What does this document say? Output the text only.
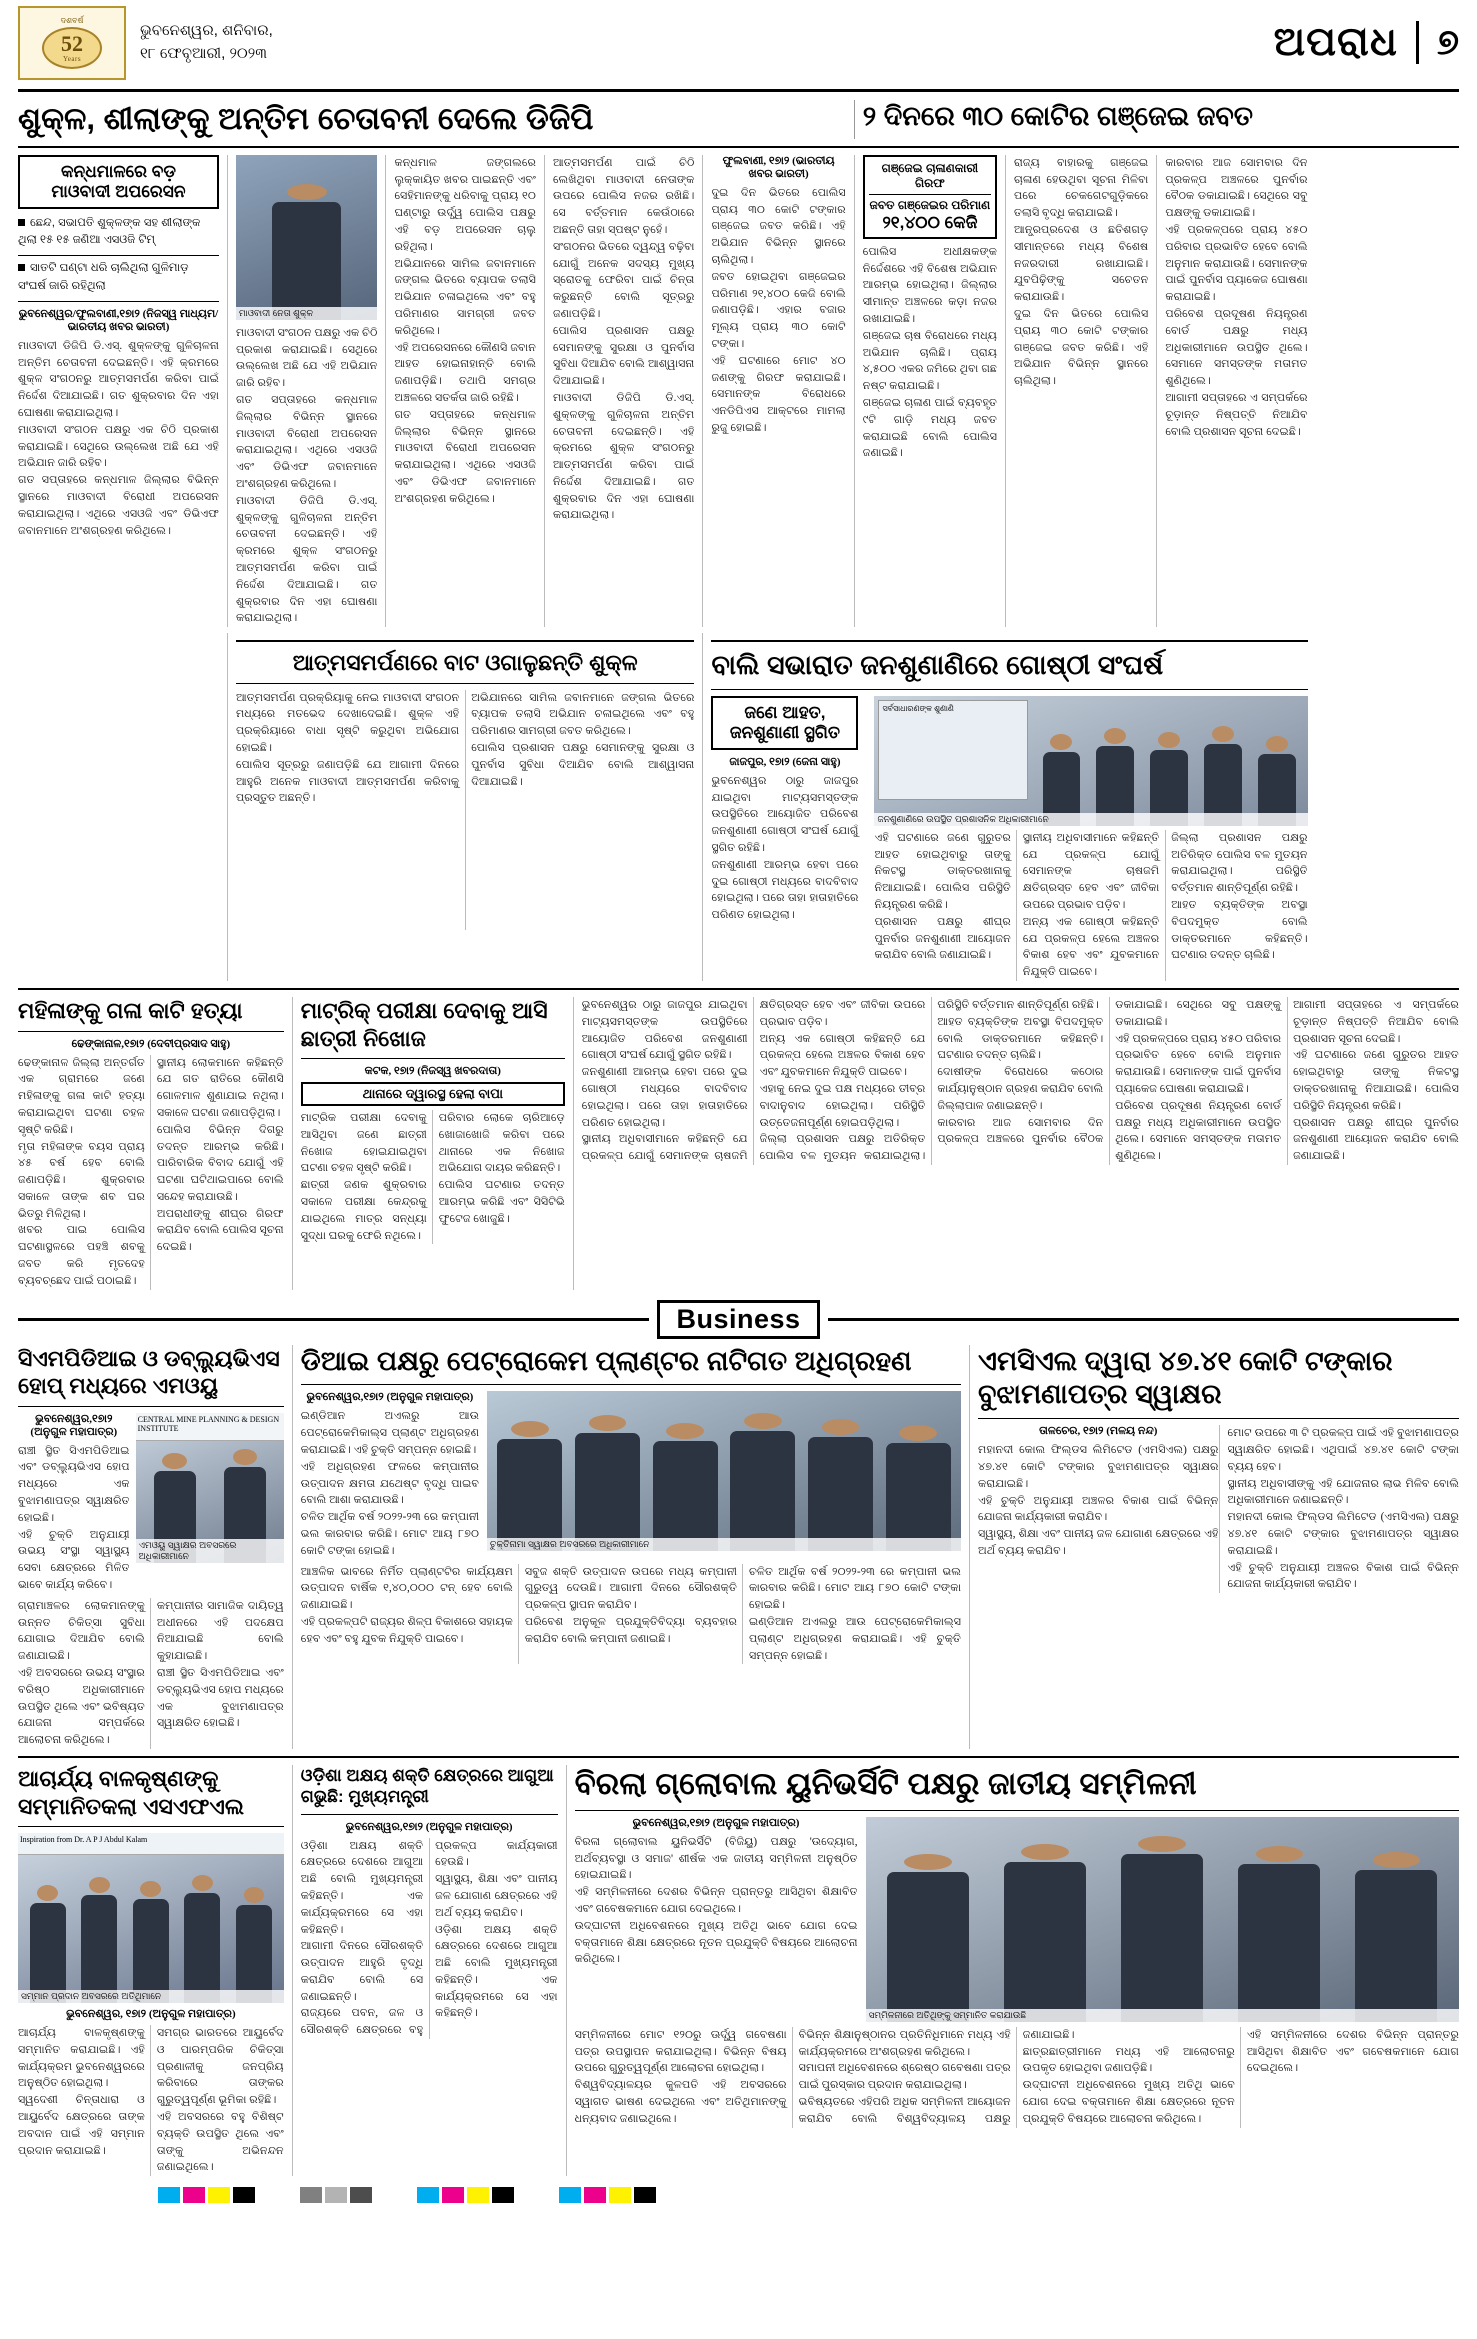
ଦଶବର୍ଷ
52
Years
ଭୁବନେଶ୍ୱର, ଶନିବାର,
୧୮ ଫେବୃଆରୀ, ୨୦୨୩	ଅପରାଧ	୭
ଶୁକ୍ଳ, ଶୀଲାଙ୍କୁ ଅନ୍ତିମ ଚେତାବନୀ ଦେଲେ ଡିଜିପି	୨ ଦିନରେ ୩୦ କୋଟିର ଗଞ୍ଜେଇ ଜବତ
କନ୍ଧମାଳରେ ବଡ଼
ମାଓବାଦୀ ଅପରେସନ
ଛେନ୍ଦ, ସଭାପତି ଶୁକ୍ଳଙ୍କ ସହ ଶୀଲାଙ୍କ ଥିଲା ୧୫ ୧୫ ଜଣିଆ ଏସଓଜି ଟିମ୍
ସାତଟି ଘଣ୍ଟା ଧରି ଚାଲିଥିଲା ଗୁଳିମାଡ଼ ସଂଘର୍ଷ ଜାରି ରହିଥିଲା
ଭୁବନେଶ୍ୱର/ଫୁଲବାଣୀ,୧୭ା୨ (ନିଜସ୍ୱ ମାଧ୍ୟମ/ଭାରତୀୟ ଖବର ଭାରତୀ)
ମାଓବାଦୀ ଡିଜିପି ଡି.ଏସ୍. ଶୁକ୍ଳଙ୍କୁ ଗୁଳିଚାଳନା ଅନ୍ତିମ ଚେତାବନୀ ଦେଇଛନ୍ତି। ଏହି କ୍ରମରେ ଶୁକ୍ଳ ସଂଗଠନରୁ ଆତ୍ମସମର୍ପଣ କରିବା ପାଇଁ ନିର୍ଦ୍ଦେଶ ଦିଆଯାଇଛି। ଗତ ଶୁକ୍ରବାର ଦିନ ଏହା ଘୋଷଣା କରାଯାଇଥିଲା।
ମାଓବାଦୀ ସଂଗଠନ ପକ୍ଷରୁ ଏକ ଚିଠି ପ୍ରକାଶ କରାଯାଇଛି। ସେଥିରେ ଉଲ୍ଲେଖ ଅଛି ଯେ ଏହି ଅଭିଯାନ ଜାରି ରହିବ।
ଗତ ସପ୍ତାହରେ କନ୍ଧମାଳ ଜିଲ୍ଲାର ବିଭିନ୍ନ ସ୍ଥାନରେ ମାଓବାଦୀ ବିରୋଧୀ ଅପରେସନ କରାଯାଇଥିଲା। ଏଥିରେ ଏସଓଜି ଏବଂ ଡିଭିଏଫ ଜବାନମାନେ ଅଂଶଗ୍ରହଣ କରିଥିଲେ।
ମାଓବାଦୀ ନେତା ଶୁକ୍ଳ
ମାଓବାଦୀ ସଂଗଠନ ପକ୍ଷରୁ ଏକ ଚିଠି ପ୍ରକାଶ କରାଯାଇଛି। ସେଥିରେ ଉଲ୍ଲେଖ ଅଛି ଯେ ଏହି ଅଭିଯାନ ଜାରି ରହିବ।
ଗତ ସପ୍ତାହରେ କନ୍ଧମାଳ ଜିଲ୍ଲାର ବିଭିନ୍ନ ସ୍ଥାନରେ ମାଓବାଦୀ ବିରୋଧୀ ଅପରେସନ କରାଯାଇଥିଲା। ଏଥିରେ ଏସଓଜି ଏବଂ ଡିଭିଏଫ ଜବାନମାନେ ଅଂଶଗ୍ରହଣ କରିଥିଲେ।
ମାଓବାଦୀ ଡିଜିପି ଡି.ଏସ୍. ଶୁକ୍ଳଙ୍କୁ ଗୁଳିଚାଳନା ଅନ୍ତିମ ଚେତାବନୀ ଦେଇଛନ୍ତି। ଏହି କ୍ରମରେ ଶୁକ୍ଳ ସଂଗଠନରୁ ଆତ୍ମସମର୍ପଣ କରିବା ପାଇଁ ନିର୍ଦ୍ଦେଶ ଦିଆଯାଇଛି। ଗତ ଶୁକ୍ରବାର ଦିନ ଏହା ଘୋଷଣା କରାଯାଇଥିଲା।
କନ୍ଧମାଳ ଜଙ୍ଗଲରେ ଲୁକ୍କାୟିତ ଖବର ପାଇଛନ୍ତି ଏବଂ ସେହିମାନଙ୍କୁ ଧରିବାକୁ ପ୍ରାୟ ୧୦ ଘଣ୍ଟାରୁ ଉର୍ଦ୍ଧ୍ୱ ପୋଲିସ ପକ୍ଷରୁ ଏହି ବଡ଼ ଅପରେସନ ଚାଲୁ ରହିଥିଲା।
ଅଭିଯାନରେ ସାମିଲ ଜବାନମାନେ ଜଙ୍ଗଲ ଭିତରେ ବ୍ୟାପକ ତଲାସି ଅଭିଯାନ ଚଳାଇଥିଲେ ଏବଂ ବହୁ ପରିମାଣର ସାମଗ୍ରୀ ଜବତ କରିଥିଲେ।
ଏହି ଅପରେସନରେ କୌଣସି ଜବାନ ଆହତ ହୋଇନାହାନ୍ତି ବୋଲି ଜଣାପଡ଼ିଛି। ତଥାପି ସମଗ୍ର ଅଞ୍ଚଳରେ ସତର୍କତା ଜାରି ରହିଛି।
ଗତ ସପ୍ତାହରେ କନ୍ଧମାଳ ଜିଲ୍ଲାର ବିଭିନ୍ନ ସ୍ଥାନରେ ମାଓବାଦୀ ବିରୋଧୀ ଅପରେସନ କରାଯାଇଥିଲା। ଏଥିରେ ଏସଓଜି ଏବଂ ଡିଭିଏଫ ଜବାନମାନେ ଅଂଶଗ୍ରହଣ କରିଥିଲେ।
ଆତ୍ମସମର୍ପଣ ପାଇଁ ଚିଠି ଲେଖିଥିବା ମାଓବାଦୀ ନେତାଙ୍କ ଉପରେ ପୋଲିସ ନଜର ରଖିଛି। ସେ ବର୍ତ୍ତମାନ କେଉଁଠାରେ ଅଛନ୍ତି ତାହା ସ୍ପଷ୍ଟ ନୁହେଁ।
ସଂଗଠନର ଭିତରେ ଦ୍ୱନ୍ଦ୍ୱ ବଢ଼ିବା ଯୋଗୁଁ ଅନେକ ସଦସ୍ୟ ମୁଖ୍ୟ ସ୍ରୋତକୁ ଫେରିବା ପାଇଁ ଚିନ୍ତା କରୁଛନ୍ତି ବୋଲି ସୂତ୍ରରୁ ଜଣାପଡ଼ିଛି।
ପୋଲିସ ପ୍ରଶାସନ ପକ୍ଷରୁ ସେମାନଙ୍କୁ ସୁରକ୍ଷା ଓ ପୁନର୍ବାସ ସୁବିଧା ଦିଆଯିବ ବୋଲି ଆଶ୍ୱାସନା ଦିଆଯାଇଛି।
ମାଓବାଦୀ ଡିଜିପି ଡି.ଏସ୍. ଶୁକ୍ଳଙ୍କୁ ଗୁଳିଚାଳନା ଅନ୍ତିମ ଚେତାବନୀ ଦେଇଛନ୍ତି। ଏହି କ୍ରମରେ ଶୁକ୍ଳ ସଂଗଠନରୁ ଆତ୍ମସମର୍ପଣ କରିବା ପାଇଁ ନିର୍ଦ୍ଦେଶ ଦିଆଯାଇଛି। ଗତ ଶୁକ୍ରବାର ଦିନ ଏହା ଘୋଷଣା କରାଯାଇଥିଲା।
ଫୁଲବାଣୀ, ୧୭ା୨ (ଭାରତୀୟ ଖବର ଭାରତୀ)
ଦୁଇ ଦିନ ଭିତରେ ପୋଲିସ ପ୍ରାୟ ୩୦ କୋଟି ଟଙ୍କାର ଗଞ୍ଜେଇ ଜବତ କରିଛି। ଏହି ଅଭିଯାନ ବିଭିନ୍ନ ସ୍ଥାନରେ ଚାଲିଥିଲା।
ଜବତ ହୋଇଥିବା ଗଞ୍ଜେଇର ପରିମାଣ ୨୧,୪୦୦ କେଜି ବୋଲି ଜଣାପଡ଼ିଛି। ଏହାର ବଜାର ମୂଲ୍ୟ ପ୍ରାୟ ୩୦ କୋଟି ଟଙ୍କା।
ଏହି ଘଟଣାରେ ମୋଟ ୪୦ ଜଣଙ୍କୁ ଗିରଫ କରାଯାଇଛି। ସେମାନଙ୍କ ବିରୋଧରେ ଏନଡିପିଏସ ଆକ୍ଟରେ ମାମଲା ରୁଜୁ ହୋଇଛି।
ଗଞ୍ଜେଇ ଚାଳାଣକାରୀ ଗିରଫ
ଜବତ ଗଞ୍ଜେଇର ପରିମାଣ
୨୧,୪୦୦ କେଜି
ପୋଲିସ ଅଧୀକ୍ଷକଙ୍କ ନିର୍ଦ୍ଦେଶରେ ଏହି ବିଶେଷ ଅଭିଯାନ ଆରମ୍ଭ ହୋଇଥିଲା। ଜିଲ୍ଲାର ସୀମାନ୍ତ ଅଞ୍ଚଳରେ କଡ଼ା ନଜର ରଖାଯାଇଛି।
ଗଞ୍ଜେଇ ଚାଷ ବିରୋଧରେ ମଧ୍ୟ ଅଭିଯାନ ଚାଲିଛି। ପ୍ରାୟ ୪,୫୦୦ ଏକର ଜମିରେ ଥିବା ଗଛ ନଷ୍ଟ କରାଯାଇଛି।
ଗଞ୍ଜେଇ ଚାଳାଣ ପାଇଁ ବ୍ୟବହୃତ ୯ଟି ଗାଡ଼ି ମଧ୍ୟ ଜବତ କରାଯାଇଛି ବୋଲି ପୋଲିସ ଜଣାଇଛି।
ରାଜ୍ୟ ବାହାରକୁ ଗଞ୍ଜେଇ ଚାଳାଣ ହେଉଥିବା ସୂଚନା ମିଳିବା ପରେ ଚେକଗେଟଗୁଡ଼ିକରେ ତଲାସି ବୃଦ୍ଧି କରାଯାଇଛି।
ଆନ୍ଧ୍ରପ୍ରଦେଶ ଓ ଛତିଶଗଡ଼ ସୀମାନ୍ତରେ ମଧ୍ୟ ବିଶେଷ ନଜରଦାରୀ ରଖାଯାଇଛି। ଯୁବପିଢ଼ିଙ୍କୁ ସଚେତନ କରାଯାଉଛି।
ଦୁଇ ଦିନ ଭିତରେ ପୋଲିସ ପ୍ରାୟ ୩୦ କୋଟି ଟଙ୍କାର ଗଞ୍ଜେଇ ଜବତ କରିଛି। ଏହି ଅଭିଯାନ ବିଭିନ୍ନ ସ୍ଥାନରେ ଚାଲିଥିଲା।
କାରବାର ଆଜ ସୋମବାର ଦିନ ପ୍ରକଳ୍ପ ଅଞ୍ଚଳରେ ପୁନର୍ବାର ବୈଠକ ଡକାଯାଇଛି। ସେଥିରେ ସବୁ ପକ୍ଷଙ୍କୁ ଡକାଯାଇଛି।
ଏହି ପ୍ରକଳ୍ପରେ ପ୍ରାୟ ୪୫୦ ପରିବାର ପ୍ରଭାବିତ ହେବେ ବୋଲି ଅନୁମାନ କରାଯାଉଛି। ସେମାନଙ୍କ ପାଇଁ ପୁନର୍ବାସ ପ୍ୟାକେଜ ଘୋଷଣା କରାଯାଇଛି।
ପରିବେଶ ପ୍ରଦୂଷଣ ନିୟନ୍ତ୍ରଣ ବୋର୍ଡ ପକ୍ଷରୁ ମଧ୍ୟ ଅଧିକାରୀମାନେ ଉପସ୍ଥିତ ଥିଲେ। ସେମାନେ ସମସ୍ତଙ୍କ ମତାମତ ଶୁଣିଥିଲେ।
ଆଗାମୀ ସପ୍ତାହରେ ଏ ସମ୍ପର୍କରେ ଚୂଡ଼ାନ୍ତ ନିଷ୍ପତ୍ତି ନିଆଯିବ ବୋଲି ପ୍ରଶାସନ ସୂଚନା ଦେଇଛି।
ଆତ୍ମସମର୍ପଣରେ ବାଟ ଓଗାଳୁଛନ୍ତି ଶୁକ୍ଳ
ଆତ୍ମସମର୍ପଣ ପ୍ରକ୍ରିୟାକୁ ନେଇ ମାଓବାଦୀ ସଂଗଠନ ମଧ୍ୟରେ ମତଭେଦ ଦେଖାଦେଇଛି। ଶୁକ୍ଳ ଏହି ପ୍ରକ୍ରିୟାରେ ବାଧା ସୃଷ୍ଟି କରୁଥିବା ଅଭିଯୋଗ ହୋଇଛି।
ପୋଲିସ ସୂତ୍ରରୁ ଜଣାପଡ଼ିଛି ଯେ ଆଗାମୀ ଦିନରେ ଆହୁରି ଅନେକ ମାଓବାଦୀ ଆତ୍ମସମର୍ପଣ କରିବାକୁ ପ୍ରସ୍ତୁତ ଅଛନ୍ତି।
ଅଭିଯାନରେ ସାମିଲ ଜବାନମାନେ ଜଙ୍ଗଲ ଭିତରେ ବ୍ୟାପକ ତଲାସି ଅଭିଯାନ ଚଳାଇଥିଲେ ଏବଂ ବହୁ ପରିମାଣର ସାମଗ୍ରୀ ଜବତ କରିଥିଲେ।
ପୋଲିସ ପ୍ରଶାସନ ପକ୍ଷରୁ ସେମାନଙ୍କୁ ସୁରକ୍ଷା ଓ ପୁନର୍ବାସ ସୁବିଧା ଦିଆଯିବ ବୋଲି ଆଶ୍ୱାସନା ଦିଆଯାଇଛି।
ବାଲି ସଭାରାତ ଜନଶୁଣାଣିରେ ଗୋଷ୍ଠୀ ସଂଘର୍ଷ
ଜଣେ ଆହତ,
ଜନଶୁଣାଣୀ ସ୍ଥଗିତ
ଜାଜପୁର, ୧୭ା୨ (ଜେନା ସାହୁ)
ଭୁବନେଶ୍ୱର ଠାରୁ ଜାଜପୁର ଯାଇଥିବା ମାଟ୍ୟସମସ୍ତଙ୍କ ଉପସ୍ଥିତିରେ ଆୟୋଜିତ ପରିବେଶ ଜନଶୁଣାଣୀ ଗୋଷ୍ଠୀ ସଂଘର୍ଷ ଯୋଗୁଁ ସ୍ଥଗିତ ରହିଛି।
ଜନଶୁଣାଣୀ ଆରମ୍ଭ ହେବା ପରେ ଦୁଇ ଗୋଷ୍ଠୀ ମଧ୍ୟରେ ବାଦବିବାଦ ହୋଇଥିଲା। ପରେ ତାହା ହାତାହାତିରେ ପରିଣତ ହୋଇଥିଲା।
ସର୍ବସାଧାରଣଙ୍କ ଶୁଣାଣି
ଜନଶୁଣାଣିରେ ଉପସ୍ଥିତ ପ୍ରଶାସନିକ ଅଧିକାରୀମାନେ
ଏହି ଘଟଣାରେ ଜଣେ ଗୁରୁତର ଆହତ ହୋଇଥିବାରୁ ତାଙ୍କୁ ନିକଟସ୍ଥ ଡାକ୍ତରଖାନାକୁ ନିଆଯାଇଛି। ପୋଲିସ ପରିସ୍ଥିତି ନିୟନ୍ତ୍ରଣ କରିଛି।
ପ୍ରଶାସନ ପକ୍ଷରୁ ଶୀଘ୍ର ପୁନର୍ବାର ଜନଶୁଣାଣୀ ଆୟୋଜନ କରାଯିବ ବୋଲି ଜଣାଯାଇଛି।
ସ୍ଥାନୀୟ ଅଧିବାସୀମାନେ କହିଛନ୍ତି ଯେ ପ୍ରକଳ୍ପ ଯୋଗୁଁ ସେମାନଙ୍କ ଚାଷଜମି କ୍ଷତିଗ୍ରସ୍ତ ହେବ ଏବଂ ଜୀବିକା ଉପରେ ପ୍ରଭାବ ପଡ଼ିବ।
ଅନ୍ୟ ଏକ ଗୋଷ୍ଠୀ କହିଛନ୍ତି ଯେ ପ୍ରକଳ୍ପ ହେଲେ ଅଞ୍ଚଳର ବିକାଶ ହେବ ଏବଂ ଯୁବକମାନେ ନିଯୁକ୍ତି ପାଇବେ।
ଜିଲ୍ଲା ପ୍ରଶାସନ ପକ୍ଷରୁ ଅତିରିକ୍ତ ପୋଲିସ ବଳ ମୁତୟନ କରାଯାଇଥିଲା। ପରିସ୍ଥିତି ବର୍ତ୍ତମାନ ଶାନ୍ତିପୂର୍ଣ୍ଣ ରହିଛି।
ଆହତ ବ୍ୟକ୍ତିଙ୍କ ଅବସ୍ଥା ବିପଦମୁକ୍ତ ବୋଲି ଡାକ୍ତରମାନେ କହିଛନ୍ତି। ଘଟଣାର ତଦନ୍ତ ଚାଲିଛି।
ମହିଳାଙ୍କୁ ଗଳା କାଟି ହତ୍ୟା
ଢେଙ୍କାନାଳ,୧୭ା୨ (ଦେବୀପ୍ରସାଦ ସାହୁ)
ଢେଙ୍କାନାଳ ଜିଲ୍ଲା ଅନ୍ତର୍ଗତ ଏକ ଗ୍ରାମରେ ଜଣେ ମହିଳାଙ୍କୁ ଗଳା କାଟି ହତ୍ୟା କରାଯାଇଥିବା ଘଟଣା ଚହଳ ସୃଷ୍ଟି କରିଛି।
ମୃତା ମହିଳାଙ୍କ ବୟସ ପ୍ରାୟ ୪୫ ବର୍ଷ ହେବ ବୋଲି ଜଣାପଡ଼ିଛି। ଶୁକ୍ରବାର ସକାଳେ ତାଙ୍କ ଶବ ଘର ଭିତରୁ ମିଳିଥିଲା।
ଖବର ପାଇ ପୋଲିସ ଘଟଣାସ୍ଥଳରେ ପହଞ୍ଚି ଶବକୁ ଜବତ କରି ମୃତଦେହ ବ୍ୟବଚ୍ଛେଦ ପାଇଁ ପଠାଇଛି।
ସ୍ଥାନୀୟ ଲୋକମାନେ କହିଛନ୍ତି ଯେ ଗତ ରାତିରେ କୌଣସି ଗୋଳମାଳ ଶୁଣାଯାଇ ନଥିଲା। ସକାଳେ ଘଟଣା ଜଣାପଡ଼ିଥିଲା।
ପୋଲିସ ବିଭିନ୍ନ ଦିଗରୁ ତଦନ୍ତ ଆରମ୍ଭ କରିଛି। ପାରିବାରିକ ବିବାଦ ଯୋଗୁଁ ଏହି ଘଟଣା ଘଟିଥାଇପାରେ ବୋଲି ସନ୍ଦେହ କରାଯାଉଛି।
ଅପରାଧୀଙ୍କୁ ଶୀଘ୍ର ଗିରଫ କରାଯିବ ବୋଲି ପୋଲିସ ସୂଚନା ଦେଇଛି।
ମାଟ୍ରିକ୍ ପରୀକ୍ଷା ଦେବାକୁ ଆସି ଛାତ୍ରୀ ନିଖୋଜ
କଟକ, ୧୭ା୨ (ନିଜସ୍ୱ ଖବରଦାତା)
ଥାନାରେ ଦ୍ୱାରସ୍ଥ ହେଲା ବାପା
ମାଟ୍ରିକ ପରୀକ୍ଷା ଦେବାକୁ ଆସିଥିବା ଜଣେ ଛାତ୍ରୀ ନିଖୋଜ ହୋଇଯାଇଥିବା ଘଟଣା ଚହଳ ସୃଷ୍ଟି କରିଛି।
ଛାତ୍ରୀ ଜଣକ ଶୁକ୍ରବାର ସକାଳେ ପରୀକ୍ଷା କେନ୍ଦ୍ରକୁ ଯାଇଥିଲେ ମାତ୍ର ସନ୍ଧ୍ୟା ସୁଦ୍ଧା ଘରକୁ ଫେରି ନଥିଲେ।
ପରିବାର ଲୋକେ ଚାରିଆଡ଼େ ଖୋଜାଖୋଜି କରିବା ପରେ ଥାନାରେ ଏକ ନିଖୋଜ ଅଭିଯୋଗ ଦାୟର କରିଛନ୍ତି।
ପୋଲିସ ଘଟଣାର ତଦନ୍ତ ଆରମ୍ଭ କରିଛି ଏବଂ ସିସିଟିଭି ଫୁଟେଜ ଖୋଜୁଛି।
ଭୁବନେଶ୍ୱର ଠାରୁ ଜାଜପୁର ଯାଇଥିବା ମାଟ୍ୟସମସ୍ତଙ୍କ ଉପସ୍ଥିତିରେ ଆୟୋଜିତ ପରିବେଶ ଜନଶୁଣାଣୀ ଗୋଷ୍ଠୀ ସଂଘର୍ଷ ଯୋଗୁଁ ସ୍ଥଗିତ ରହିଛି।
ଜନଶୁଣାଣୀ ଆରମ୍ଭ ହେବା ପରେ ଦୁଇ ଗୋଷ୍ଠୀ ମଧ୍ୟରେ ବାଦବିବାଦ ହୋଇଥିଲା। ପରେ ତାହା ହାତାହାତିରେ ପରିଣତ ହୋଇଥିଲା।
ସ୍ଥାନୀୟ ଅଧିବାସୀମାନେ କହିଛନ୍ତି ଯେ ପ୍ରକଳ୍ପ ଯୋଗୁଁ ସେମାନଙ୍କ ଚାଷଜମି କ୍ଷତିଗ୍ରସ୍ତ ହେବ ଏବଂ ଜୀବିକା ଉପରେ ପ୍ରଭାବ ପଡ଼ିବ।
ଅନ୍ୟ ଏକ ଗୋଷ୍ଠୀ କହିଛନ୍ତି ଯେ ପ୍ରକଳ୍ପ ହେଲେ ଅଞ୍ଚଳର ବିକାଶ ହେବ ଏବଂ ଯୁବକମାନେ ନିଯୁକ୍ତି ପାଇବେ।
ଏହାକୁ ନେଇ ଦୁଇ ପକ୍ଷ ମଧ୍ୟରେ ତୀବ୍ର ବାଦାନୁବାଦ ହୋଇଥିଲା। ପରିସ୍ଥିତି ଉତ୍ତେଜନାପୂର୍ଣ୍ଣ ହୋଇପଡ଼ିଥିଲା।
ଜିଲ୍ଲା ପ୍ରଶାସନ ପକ୍ଷରୁ ଅତିରିକ୍ତ ପୋଲିସ ବଳ ମୁତୟନ କରାଯାଇଥିଲା। ପରିସ୍ଥିତି ବର୍ତ୍ତମାନ ଶାନ୍ତିପୂର୍ଣ୍ଣ ରହିଛି।
ଆହତ ବ୍ୟକ୍ତିଙ୍କ ଅବସ୍ଥା ବିପଦମୁକ୍ତ ବୋଲି ଡାକ୍ତରମାନେ କହିଛନ୍ତି। ଘଟଣାର ତଦନ୍ତ ଚାଲିଛି।
ଦୋଷୀଙ୍କ ବିରୋଧରେ କଠୋର କାର୍ଯ୍ୟାନୁଷ୍ଠାନ ଗ୍ରହଣ କରାଯିବ ବୋଲି ଜିଲ୍ଲାପାଳ ଜଣାଇଛନ୍ତି।
କାରବାର ଆଜ ସୋମବାର ଦିନ ପ୍ରକଳ୍ପ ଅଞ୍ଚଳରେ ପୁନର୍ବାର ବୈଠକ ଡକାଯାଇଛି। ସେଥିରେ ସବୁ ପକ୍ଷଙ୍କୁ ଡକାଯାଇଛି।
ଏହି ପ୍ରକଳ୍ପରେ ପ୍ରାୟ ୪୫୦ ପରିବାର ପ୍ରଭାବିତ ହେବେ ବୋଲି ଅନୁମାନ କରାଯାଉଛି। ସେମାନଙ୍କ ପାଇଁ ପୁନର୍ବାସ ପ୍ୟାକେଜ ଘୋଷଣା କରାଯାଇଛି।
ପରିବେଶ ପ୍ରଦୂଷଣ ନିୟନ୍ତ୍ରଣ ବୋର୍ଡ ପକ୍ଷରୁ ମଧ୍ୟ ଅଧିକାରୀମାନେ ଉପସ୍ଥିତ ଥିଲେ। ସେମାନେ ସମସ୍ତଙ୍କ ମତାମତ ଶୁଣିଥିଲେ।
ଆଗାମୀ ସପ୍ତାହରେ ଏ ସମ୍ପର୍କରେ ଚୂଡ଼ାନ୍ତ ନିଷ୍ପତ୍ତି ନିଆଯିବ ବୋଲି ପ୍ରଶାସନ ସୂଚନା ଦେଇଛି।
ଏହି ଘଟଣାରେ ଜଣେ ଗୁରୁତର ଆହତ ହୋଇଥିବାରୁ ତାଙ୍କୁ ନିକଟସ୍ଥ ଡାକ୍ତରଖାନାକୁ ନିଆଯାଇଛି। ପୋଲିସ ପରିସ୍ଥିତି ନିୟନ୍ତ୍ରଣ କରିଛି।
ପ୍ରଶାସନ ପକ୍ଷରୁ ଶୀଘ୍ର ପୁନର୍ବାର ଜନଶୁଣାଣୀ ଆୟୋଜନ କରାଯିବ ବୋଲି ଜଣାଯାଇଛି।
Business
ସିଏମପିଡିଆଇ ଓ ଡବ୍ଲ୍ୟୁଭିଏସ ହୋପ୍ ମଧ୍ୟରେ ଏମଓୟୁ
ଭୁବନେଶ୍ୱର,୧୭ା୨ (ଅନୁଗୁଳ ମହାପାତ୍ର)
ରାଞ୍ଚୀ ସ୍ଥିତ ସିଏମପିଡିଆଇ ଏବଂ ଡବ୍ଲ୍ୟୁଭିଏସ ହୋପ ମଧ୍ୟରେ ଏକ ବୁଝାମଣାପତ୍ର ସ୍ୱାକ୍ଷରିତ ହୋଇଛି।
ଏହି ଚୁକ୍ତି ଅନୁଯାୟୀ ଉଭୟ ସଂସ୍ଥା ସ୍ୱାସ୍ଥ୍ୟ ସେବା କ୍ଷେତ୍ରରେ ମିଳିତ ଭାବେ କାର୍ଯ୍ୟ କରିବେ।
CENTRAL MINE PLANNING & DESIGN INSTITUTE
ଏମଓୟୁ ସ୍ୱାକ୍ଷର ଅବସରରେ ଅଧିକାରୀମାନେ
ଗ୍ରାମାଞ୍ଚଳର ଲୋକମାନଙ୍କୁ ଉନ୍ନତ ଚିକିତ୍ସା ସୁବିଧା ଯୋଗାଇ ଦିଆଯିବ ବୋଲି ଜଣାଯାଇଛି।
ଏହି ଅବସରରେ ଉଭୟ ସଂସ୍ଥାର ବରିଷ୍ଠ ଅଧିକାରୀମାନେ ଉପସ୍ଥିତ ଥିଲେ ଏବଂ ଭବିଷ୍ୟତ ଯୋଜନା ସମ୍ପର୍କରେ ଆଲୋଚନା କରିଥିଲେ।
କମ୍ପାନୀର ସାମାଜିକ ଦାୟିତ୍ୱ ଅଧୀନରେ ଏହି ପଦକ୍ଷେପ ନିଆଯାଇଛି ବୋଲି କୁହାଯାଇଛି।
ରାଞ୍ଚୀ ସ୍ଥିତ ସିଏମପିଡିଆଇ ଏବଂ ଡବ୍ଲ୍ୟୁଭିଏସ ହୋପ ମଧ୍ୟରେ ଏକ ବୁଝାମଣାପତ୍ର ସ୍ୱାକ୍ଷରିତ ହୋଇଛି।
ଡିଆଇ ପକ୍ଷରୁ ପେଟ୍ରୋକେମ ପ୍ଲାଣ୍ଟର ନାଟିଗତ ଅଧିଗ୍ରହଣ
ଭୁବନେଶ୍ୱର,୧୭ା୨ (ଅନୁଗୁଳ ମହାପାତ୍ର)
ଇଣ୍ଡିଆନ ଅଏଲରୁ ଆଉ ପେଟ୍ରୋକେମିକାଲ୍ସ ପ୍ଲାଣ୍ଟ ଅଧିଗ୍ରହଣ କରାଯାଇଛି। ଏହି ଚୁକ୍ତି ସମ୍ପନ୍ନ ହୋଇଛି।
ଏହି ଅଧିଗ୍ରହଣ ଫଳରେ କମ୍ପାନୀର ଉତ୍ପାଦନ କ୍ଷମତା ଯଥେଷ୍ଟ ବୃଦ୍ଧି ପାଇବ ବୋଲି ଆଶା କରାଯାଉଛି।
ଚଳିତ ଆର୍ଥିକ ବର୍ଷ ୨୦୨୨-୨୩ ରେ କମ୍ପାନୀ ଭଲ କାରବାର କରିଛି। ମୋଟ ଆୟ ୮୭୦ କୋଟି ଟଙ୍କା ହୋଇଛି।
ଚୁକ୍ତିନାମା ସ୍ୱାକ୍ଷର ଅବସରରେ ଅଧିକାରୀମାନେ
ଆଞ୍ଚଳିକ ଭାବରେ ନିର୍ମିତ ପ୍ଲାଣ୍ଟଟିର କାର୍ଯ୍ୟକ୍ଷମ ଉତ୍ପାଦନ ବାର୍ଷିକ ୧,୪୦,୦୦୦ ଟନ୍ ହେବ ବୋଲି ଜଣାଯାଇଛି।
ଏହି ପ୍ରକଳ୍ପଟି ରାଜ୍ୟର ଶିଳ୍ପ ବିକାଶରେ ସହାୟକ ହେବ ଏବଂ ବହୁ ଯୁବକ ନିଯୁକ୍ତି ପାଇବେ।
ସବୁଜ ଶକ୍ତି ଉତ୍ପାଦନ ଉପରେ ମଧ୍ୟ କମ୍ପାନୀ ଗୁରୁତ୍ୱ ଦେଉଛି। ଆଗାମୀ ଦିନରେ ସୌରଶକ୍ତି ପ୍ରକଳ୍ପ ସ୍ଥାପନ କରାଯିବ।
ପରିବେଶ ଅନୁକୂଳ ପ୍ରଯୁକ୍ତିବିଦ୍ୟା ବ୍ୟବହାର କରାଯିବ ବୋଲି କମ୍ପାନୀ ଜଣାଇଛି।
ଚଳିତ ଆର୍ଥିକ ବର୍ଷ ୨୦୨୨-୨୩ ରେ କମ୍ପାନୀ ଭଲ କାରବାର କରିଛି। ମୋଟ ଆୟ ୮୭୦ କୋଟି ଟଙ୍କା ହୋଇଛି।
ଇଣ୍ଡିଆନ ଅଏଲରୁ ଆଉ ପେଟ୍ରୋକେମିକାଲ୍ସ ପ୍ଲାଣ୍ଟ ଅଧିଗ୍ରହଣ କରାଯାଇଛି। ଏହି ଚୁକ୍ତି ସମ୍ପନ୍ନ ହୋଇଛି।
ଏମସିଏଲ ଦ୍ୱାରା ୪୭.୪୧ କୋଟି ଟଙ୍କାର ବୁଝାମଣାପତ୍ର ସ୍ୱାକ୍ଷର
ତାଳଚେର, ୧୭ା୨ (ମଳୟ ନନ୍ଦ)
ମହାନଦୀ କୋଲ ଫିଲ୍ଡସ ଲିମିଟେଡ (ଏମସିଏଲ) ପକ୍ଷରୁ ୪୭.୪୧ କୋଟି ଟଙ୍କାର ବୁଝାମଣାପତ୍ର ସ୍ୱାକ୍ଷର କରାଯାଇଛି।
ଏହି ଚୁକ୍ତି ଅନୁଯାୟୀ ଅଞ୍ଚଳର ବିକାଶ ପାଇଁ ବିଭିନ୍ନ ଯୋଜନା କାର୍ଯ୍ୟକାରୀ କରାଯିବ।
ସ୍ୱାସ୍ଥ୍ୟ, ଶିକ୍ଷା ଏବଂ ପାନୀୟ ଜଳ ଯୋଗାଣ କ୍ଷେତ୍ରରେ ଏହି ଅର୍ଥ ବ୍ୟୟ କରାଯିବ।
ମୋଟ ଉପରେ ୩ ଟି ପ୍ରକଳ୍ପ ପାଇଁ ଏହି ବୁଝାମଣାପତ୍ର ସ୍ୱାକ୍ଷରିତ ହୋଇଛି। ଏଥିପାଇଁ ୪୭.୪୧ କୋଟି ଟଙ୍କା ବ୍ୟୟ ହେବ।
ସ୍ଥାନୀୟ ଅଧିବାସୀଙ୍କୁ ଏହି ଯୋଜନାର ଲାଭ ମିଳିବ ବୋଲି ଅଧିକାରୀମାନେ ଜଣାଇଛନ୍ତି।
ମହାନଦୀ କୋଲ ଫିଲ୍ଡସ ଲିମିଟେଡ (ଏମସିଏଲ) ପକ୍ଷରୁ ୪୭.୪୧ କୋଟି ଟଙ୍କାର ବୁଝାମଣାପତ୍ର ସ୍ୱାକ୍ଷର କରାଯାଇଛି।
ଏହି ଚୁକ୍ତି ଅନୁଯାୟୀ ଅଞ୍ଚଳର ବିକାଶ ପାଇଁ ବିଭିନ୍ନ ଯୋଜନା କାର୍ଯ୍ୟକାରୀ କରାଯିବ।
ଆଚାର୍ଯ୍ୟ ବାଳକୃଷ୍ଣଙ୍କୁ ସମ୍ମାନିତକଲା ଏସଏଫଏଲ
Inspiration from Dr. A P J Abdul Kalam
ସମ୍ମାନ ପ୍ରଦାନ ଅବସରରେ ଅତିଥିମାନେ
ଭୁବନେଶ୍ୱର, ୧୭ା୨ (ଅନୁଗୁଳ ମହାପାତ୍ର)
ଆଚାର୍ଯ୍ୟ ବାଳକୃଷ୍ଣଙ୍କୁ ସମ୍ମାନିତ କରାଯାଇଛି। ଏହି କାର୍ଯ୍ୟକ୍ରମ ଭୁବନେଶ୍ୱରରେ ଅନୁଷ୍ଠିତ ହୋଇଥିଲା।
ସ୍ୱଦେଶୀ ଚିନ୍ତାଧାରା ଓ ଆୟୁର୍ବେଦ କ୍ଷେତ୍ରରେ ତାଙ୍କ ଅବଦାନ ପାଇଁ ଏହି ସମ୍ମାନ ପ୍ରଦାନ କରାଯାଇଛି।
ସମଗ୍ର ଭାରତରେ ଆୟୁର୍ବେଦ ଓ ପାରମ୍ପରିକ ଚିକିତ୍ସା ପ୍ରଣାଳୀକୁ ଜନପ୍ରିୟ କରିବାରେ ତାଙ୍କର ଗୁରୁତ୍ୱପୂର୍ଣ୍ଣ ଭୂମିକା ରହିଛି।
ଏହି ଅବସରରେ ବହୁ ବିଶିଷ୍ଟ ବ୍ୟକ୍ତି ଉପସ୍ଥିତ ଥିଲେ ଏବଂ ତାଙ୍କୁ ଅଭିନନ୍ଦନ ଜଣାଇଥିଲେ।
ଓଡ଼ିଶା ଅକ୍ଷୟ ଶକ୍ତି କ୍ଷେତ୍ରରେ ଆଗୁଆ ଗଭୁଛି: ମୁଖ୍ୟମନ୍ତ୍ରୀ
ଭୁବନେଶ୍ୱର,୧୭ା୨ (ଅନୁଗୁଳ ମହାପାତ୍ର)
ଓଡ଼ିଶା ଅକ୍ଷୟ ଶକ୍ତି କ୍ଷେତ୍ରରେ ଦେଶରେ ଆଗୁଆ ଅଛି ବୋଲି ମୁଖ୍ୟମନ୍ତ୍ରୀ କହିଛନ୍ତି। ଏକ କାର୍ଯ୍ୟକ୍ରମରେ ସେ ଏହା କହିଛନ୍ତି।
ଆଗାମୀ ଦିନରେ ସୌରଶକ୍ତି ଉତ୍ପାଦନ ଆହୁରି ବୃଦ୍ଧି କରାଯିବ ବୋଲି ସେ ଜଣାଇଛନ୍ତି।
ରାଜ୍ୟରେ ପବନ, ଜଳ ଓ ସୌରଶକ୍ତି କ୍ଷେତ୍ରରେ ବହୁ ପ୍ରକଳ୍ପ କାର୍ଯ୍ୟକାରୀ ହେଉଛି।
ସ୍ୱାସ୍ଥ୍ୟ, ଶିକ୍ଷା ଏବଂ ପାନୀୟ ଜଳ ଯୋଗାଣ କ୍ଷେତ୍ରରେ ଏହି ଅର୍ଥ ବ୍ୟୟ କରାଯିବ।
ଓଡ଼ିଶା ଅକ୍ଷୟ ଶକ୍ତି କ୍ଷେତ୍ରରେ ଦେଶରେ ଆଗୁଆ ଅଛି ବୋଲି ମୁଖ୍ୟମନ୍ତ୍ରୀ କହିଛନ୍ତି। ଏକ କାର୍ଯ୍ୟକ୍ରମରେ ସେ ଏହା କହିଛନ୍ତି।
ବିରଲା ଗ୍ଲୋବାଲ ୟୁନିଭର୍ସିଟି ପକ୍ଷରୁ ଜାତୀୟ ସମ୍ମିଳନୀ
ଭୁବନେଶ୍ୱର,୧୭ା୨ (ଅନୁଗୁଳ ମହାପାତ୍ର)
ବିରଳା ଗ୍ଲୋବାଲ ୟୁନିଭର୍ସିଟି (ବିଜିୟୁ) ପକ୍ଷରୁ 'ଉଦ୍ୟୋଗ, ଅର୍ଥବ୍ୟବସ୍ଥା ଓ ସମାଜ' ଶୀର୍ଷକ ଏକ ଜାତୀୟ ସମ୍ମିଳନୀ ଅନୁଷ୍ଠିତ ହୋଇଯାଇଛି।
ଏହି ସମ୍ମିଳନୀରେ ଦେଶର ବିଭିନ୍ନ ପ୍ରାନ୍ତରୁ ଆସିଥିବା ଶିକ୍ଷାବିତ ଏବଂ ଗବେଷକମାନେ ଯୋଗ ଦେଇଥିଲେ।
ଉଦ୍‌ଘାଟନୀ ଅଧିବେଶନରେ ମୁଖ୍ୟ ଅତିଥି ଭାବେ ଯୋଗ ଦେଇ ବକ୍ତାମାନେ ଶିକ୍ଷା କ୍ଷେତ୍ରରେ ନୂତନ ପ୍ରଯୁକ୍ତି ବିଷୟରେ ଆଲୋଚନା କରିଥିଲେ।
ସମ୍ମିଳନୀରେ ଅତିଥିଙ୍କୁ ସମ୍ମାନିତ କରାଯାଉଛି
ସମ୍ମିଳନୀରେ ମୋଟ ୧୨୦ରୁ ଊର୍ଦ୍ଧ୍ୱ ଗବେଷଣା ପତ୍ର ଉପସ୍ଥାପନ କରାଯାଇଥିଲା। ବିଭିନ୍ନ ବିଷୟ ଉପରେ ଗୁରୁତ୍ୱପୂର୍ଣ୍ଣ ଆଲୋଚନା ହୋଇଥିଲା।
ବିଶ୍ୱବିଦ୍ୟାଳୟର କୁଳପତି ଏହି ଅବସରରେ ସ୍ୱାଗତ ଭାଷଣ ଦେଇଥିଲେ ଏବଂ ଅତିଥିମାନଙ୍କୁ ଧନ୍ୟବାଦ ଜଣାଇଥିଲେ।
ବିଭିନ୍ନ ଶିକ୍ଷାନୁଷ୍ଠାନର ପ୍ରତିନିଧିମାନେ ମଧ୍ୟ ଏହି କାର୍ଯ୍ୟକ୍ରମରେ ଅଂଶଗ୍ରହଣ କରିଥିଲେ।
ସମାପନୀ ଅଧିବେଶନରେ ଶ୍ରେଷ୍ଠ ଗବେଷଣା ପତ୍ର ପାଇଁ ପୁରସ୍କାର ପ୍ରଦାନ କରାଯାଇଥିଲା।
ଭବିଷ୍ୟତରେ ଏହିପରି ଅଧିକ ସମ୍ମିଳନୀ ଆୟୋଜନ କରାଯିବ ବୋଲି ବିଶ୍ୱବିଦ୍ୟାଳୟ ପକ୍ଷରୁ ଜଣାଯାଇଛି।
ଛାତ୍ରଛାତ୍ରୀମାନେ ମଧ୍ୟ ଏହି ଆଲୋଚନାରୁ ଉପକୃତ ହୋଇଥିବା ଜଣାପଡ଼ିଛି।
ଉଦ୍‌ଘାଟନୀ ଅଧିବେଶନରେ ମୁଖ୍ୟ ଅତିଥି ଭାବେ ଯୋଗ ଦେଇ ବକ୍ତାମାନେ ଶିକ୍ଷା କ୍ଷେତ୍ରରେ ନୂତନ ପ୍ରଯୁକ୍ତି ବିଷୟରେ ଆଲୋଚନା କରିଥିଲେ।
ଏହି ସମ୍ମିଳନୀରେ ଦେଶର ବିଭିନ୍ନ ପ୍ରାନ୍ତରୁ ଆସିଥିବା ଶିକ୍ଷାବିତ ଏବଂ ଗବେଷକମାନେ ଯୋଗ ଦେଇଥିଲେ।
